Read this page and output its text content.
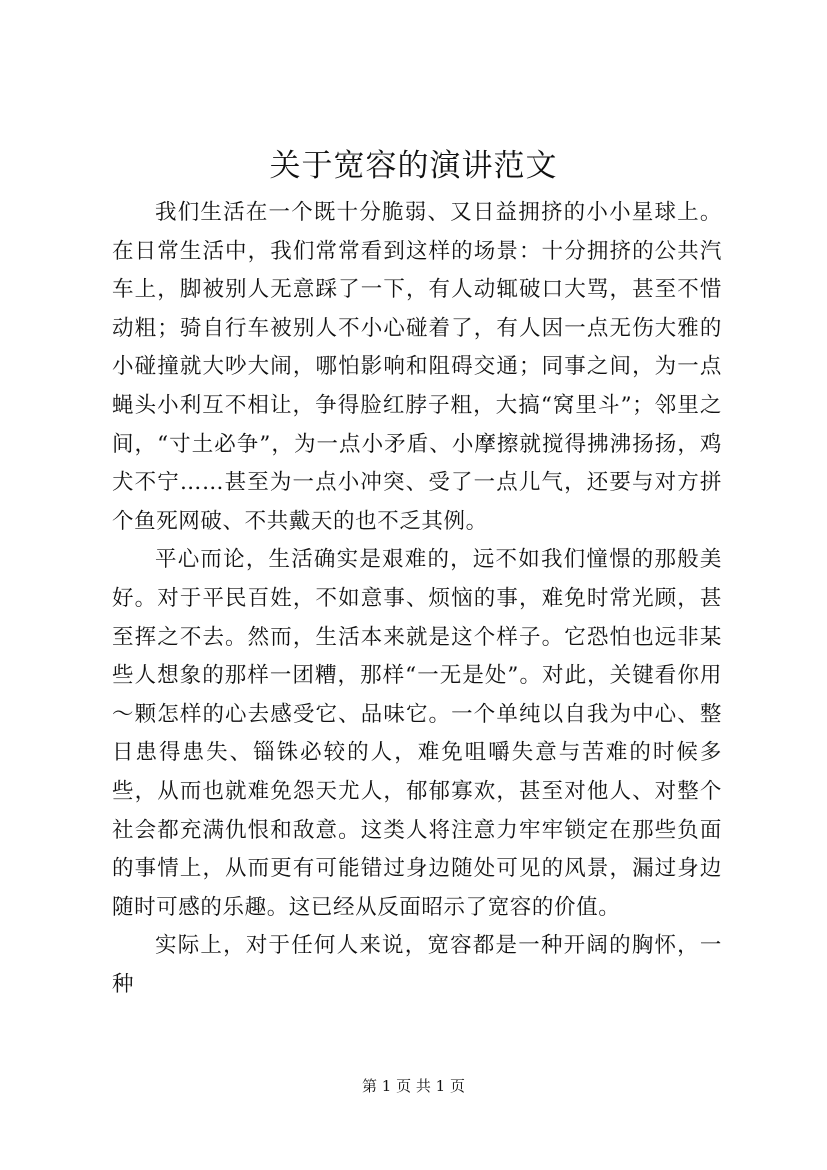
关于宽容的演讲范文

我们生活在一个既十分脆弱、又日益拥挤的小小星球上。在日常生活中，我们常常看到这样的场景：十分拥挤的公共汽车上，脚被别人无意踩了一下，有人动辄破口大骂，甚至不惜动粗；骑自行车被别人不小心碰着了，有人因一点无伤大雅的小碰撞就大吵大闹，哪怕影响和阻碍交通；同事之间，为一点蝇头小利互不相让，争得脸红脖子粗，大搞“窝里斗”；邻里之间，“寸土必争”，为一点小矛盾、小摩擦就搅得拂沸扬扬，鸡犬不宁……甚至为一点小冲突、受了一点儿气，还要与对方拼个鱼死网破、不共戴天的也不乏其例。

平心而论，生活确实是艰难的，远不如我们憧憬的那般美好。对于平民百姓，不如意事、烦恼的事，难免时常光顾，甚至挥之不去。然而，生活本来就是这个样子。它恐怕也远非某些人想象的那样一团糟，那样“一无是处”。对此，关键看你用～颗怎样的心去感受它、品味它。一个单纯以自我为中心、整日患得患失、锱铢必较的人，难免咀嚼失意与苦难的时候多些，从而也就难免怨天尤人，郁郁寡欢，甚至对他人、对整个社会都充满仇恨和敌意。这类人将注意力牢牢锁定在那些负面的事情上，从而更有可能错过身边随处可见的风景，漏过身边随时可感的乐趣。这已经从反面昭示了宽容的价值。

实际上，对于任何人来说，宽容都是一种开阔的胸怀，一种

第 1 页 共 1 页
